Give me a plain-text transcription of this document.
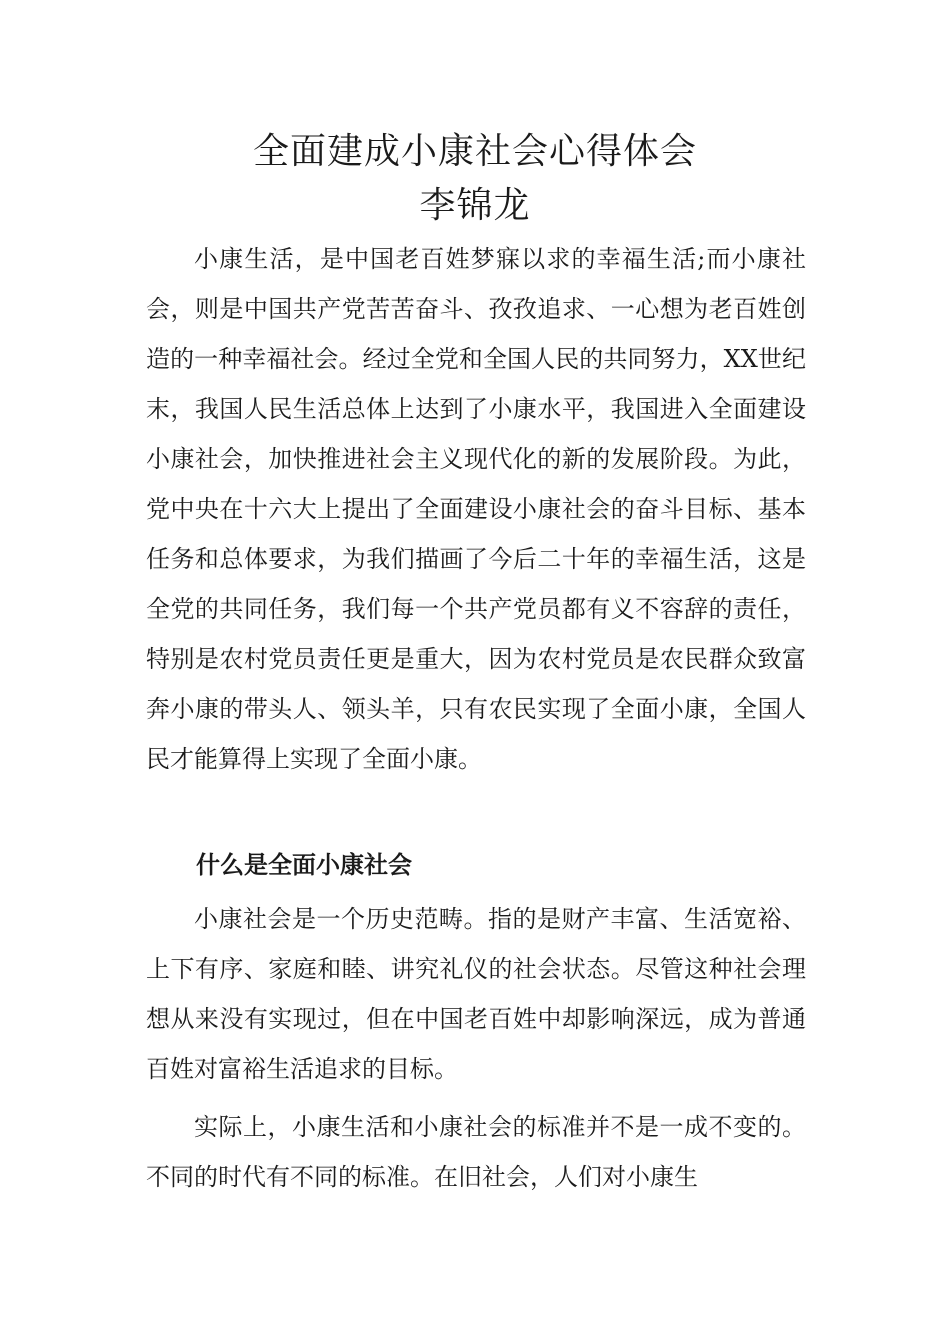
全面建成小康社会心得体会
李锦龙

小康生活，是中国老百姓梦寐以求的幸福生活;而小康社会，则是中国共产党苦苦奋斗、孜孜追求、一心想为老百姓创造的一种幸福社会。经过全党和全国人民的共同努力，XX世纪末，我国人民生活总体上达到了小康水平，我国进入全面建设小康社会，加快推进社会主义现代化的新的发展阶段。为此，党中央在十六大上提出了全面建设小康社会的奋斗目标、基本任务和总体要求，为我们描画了今后二十年的幸福生活，这是全党的共同任务，我们每一个共产党员都有义不容辞的责任，特别是农村党员责任更是重大，因为农村党员是农民群众致富奔小康的带头人、领头羊，只有农民实现了全面小康，全国人民才能算得上实现了全面小康。

什么是全面小康社会

小康社会是一个历史范畴。指的是财产丰富、生活宽裕、上下有序、家庭和睦、讲究礼仪的社会状态。尽管这种社会理想从来没有实现过，但在中国老百姓中却影响深远，成为普通百姓对富裕生活追求的目标。

实际上，小康生活和小康社会的标准并不是一成不变的。不同的时代有不同的标准。在旧社会，人们对小康生
